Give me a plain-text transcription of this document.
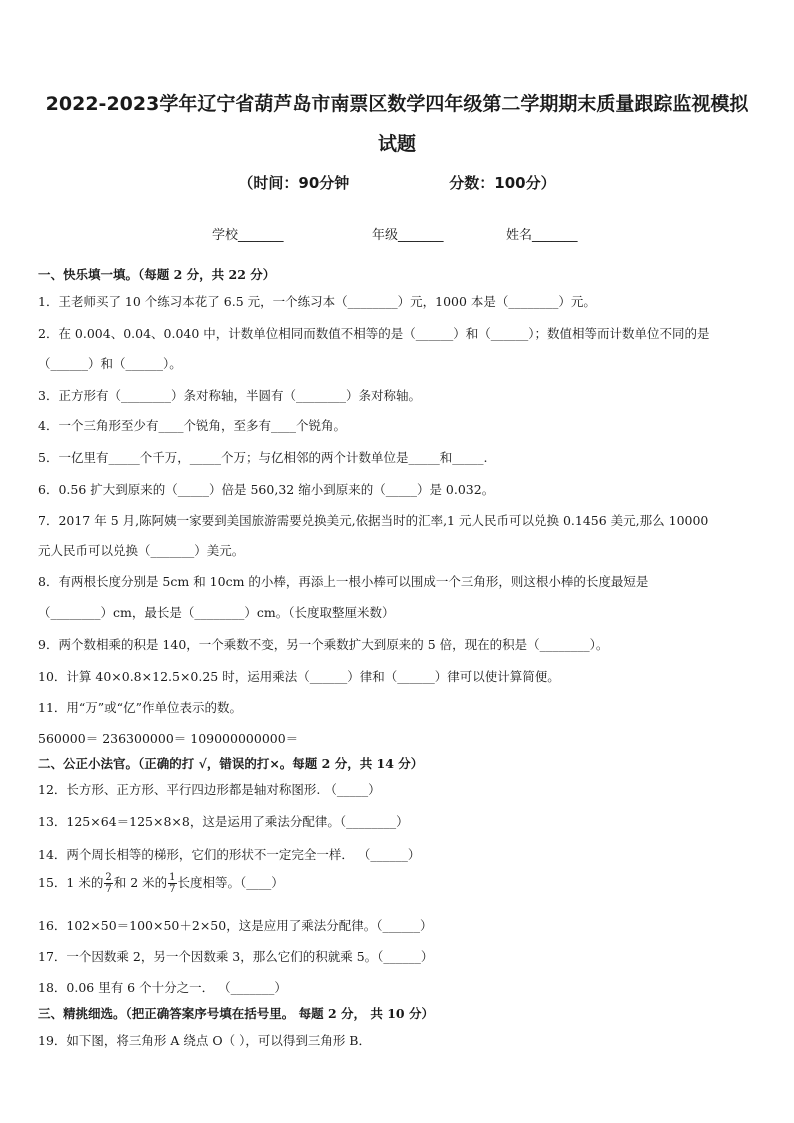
2022-2023学年辽宁省葫芦岛市南票区数学四年级第二学期期末质量跟踪监视模拟试题
（时间：90分钟	分数：100分）
学校_______	年级_______	姓名_______
一、快乐填一填。（每题 2 分，共 22 分）
1．王老师买了 10 个练习本花了 6.5 元，一个练习本（________）元，1000 本是（________）元。
2．在 0.004、0.04、0.040 中，计数单位相同而数值不相等的是（______）和（______）；数值相等而计数单位不同的是
（______）和（______）。
3．正方形有（________）条对称轴，半圆有（________）条对称轴。
4．一个三角形至少有____个锐角，至多有____个锐角。
5．一亿里有_____个千万，_____个万；与亿相邻的两个计数单位是_____和_____.
6．0.56 扩大到原来的（_____）倍是 560,32 缩小到原来的（_____）是 0.032。
7．2017 年 5 月,陈阿姨一家要到美国旅游需要兑换美元,依据当时的汇率,1 元人民币可以兑换 0.1456 美元,那么 10000
元人民币可以兑换（_______）美元。
8．有两根长度分别是 5cm 和 10cm 的小棒，再添上一根小棒可以围成一个三角形，则这根小棒的长度最短是
（________）cm，最长是（________）cm。（长度取整厘米数）
9．两个数相乘的积是 140，一个乘数不变，另一个乘数扩大到原来的 5 倍，现在的积是（________）。
10．计算 40×0.8×12.5×0.25 时，运用乘法（______）律和（______）律可以使计算简便。
11．用“万”或“亿”作单位表示的数。
560000＝ 236300000＝ 109000000000＝
二、公正小法官。（正确的打 √，错误的打×。每题 2 分，共 14 分）
12．长方形、正方形、平行四边形都是轴对称图形. （_____）
13．125×64＝125×8×8，这是运用了乘法分配律。（________）
14．两个周长相等的梯形，它们的形状不一定完全一样． （______）
15．1 米的 $\frac{2}{7}$ 和 2 米的 $\frac{1}{7}$ 长度相等。（____）
16．102×50＝100×50＋2×50，这是应用了乘法分配律。（______）
17．一个因数乘 2，另一个因数乘 3，那么它们的积就乘 5。（______）
18．0.06 里有 6 个十分之一． （_______）
三、精挑细选。（把正确答案序号填在括号里。 每题 2 分， 共 10 分）
19．如下图，将三角形 A 绕点 O（ ），可以得到三角形 B．
